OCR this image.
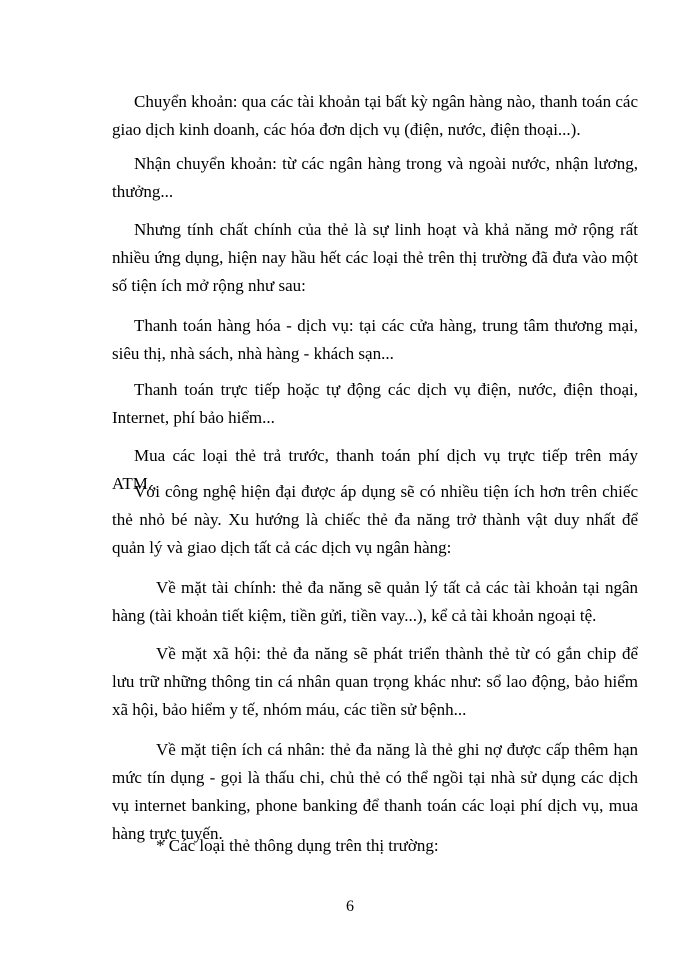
Chuyển khoản: qua các tài khoản tại bất kỳ ngân hàng nào, thanh toán các giao dịch kinh doanh, các hóa đơn dịch vụ (điện, nước, điện thoại...).

Nhận chuyển khoản: từ các ngân hàng trong và ngoài nước, nhận lương, thưởng...

Nhưng tính chất chính của thẻ là sự linh hoạt và khả năng mở rộng rất nhiều ứng dụng, hiện nay hầu hết các loại thẻ trên thị trường đã đưa vào một số tiện ích mở rộng như sau:

Thanh toán hàng hóa - dịch vụ: tại các cửa hàng, trung tâm thương mại, siêu thị, nhà sách, nhà hàng - khách sạn...

Thanh toán trực tiếp hoặc tự động các dịch vụ điện, nước, điện thoại, Internet, phí bảo hiểm...

Mua các loại thẻ trả trước, thanh toán phí dịch vụ trực tiếp trên máy ATM.

Với công nghệ hiện đại được áp dụng sẽ có nhiều tiện ích hơn trên chiếc thẻ nhỏ bé này. Xu hướng là chiếc thẻ đa năng trở thành vật duy nhất để quản lý và giao dịch tất cả các dịch vụ ngân hàng:

Về mặt tài chính: thẻ đa năng sẽ quản lý tất cả các tài khoản tại ngân hàng (tài khoản tiết kiệm, tiền gửi, tiền vay...), kể cả tài khoản ngoại tệ.

Về mặt xã hội: thẻ đa năng sẽ phát triển thành thẻ từ có gắn chip để lưu trữ những thông tin cá nhân quan trọng khác như: sổ lao động, bảo hiểm xã hội, bảo hiểm y tế, nhóm máu, các tiền sử bệnh...

Về mặt tiện ích cá nhân: thẻ đa năng là thẻ ghi nợ được cấp thêm hạn mức tín dụng - gọi là thấu chi, chủ thẻ có thể ngồi tại nhà sử dụng các dịch vụ internet banking, phone banking để thanh toán các loại phí dịch vụ, mua hàng trực tuyến.

* Các loại thẻ thông dụng trên thị trường:

6
